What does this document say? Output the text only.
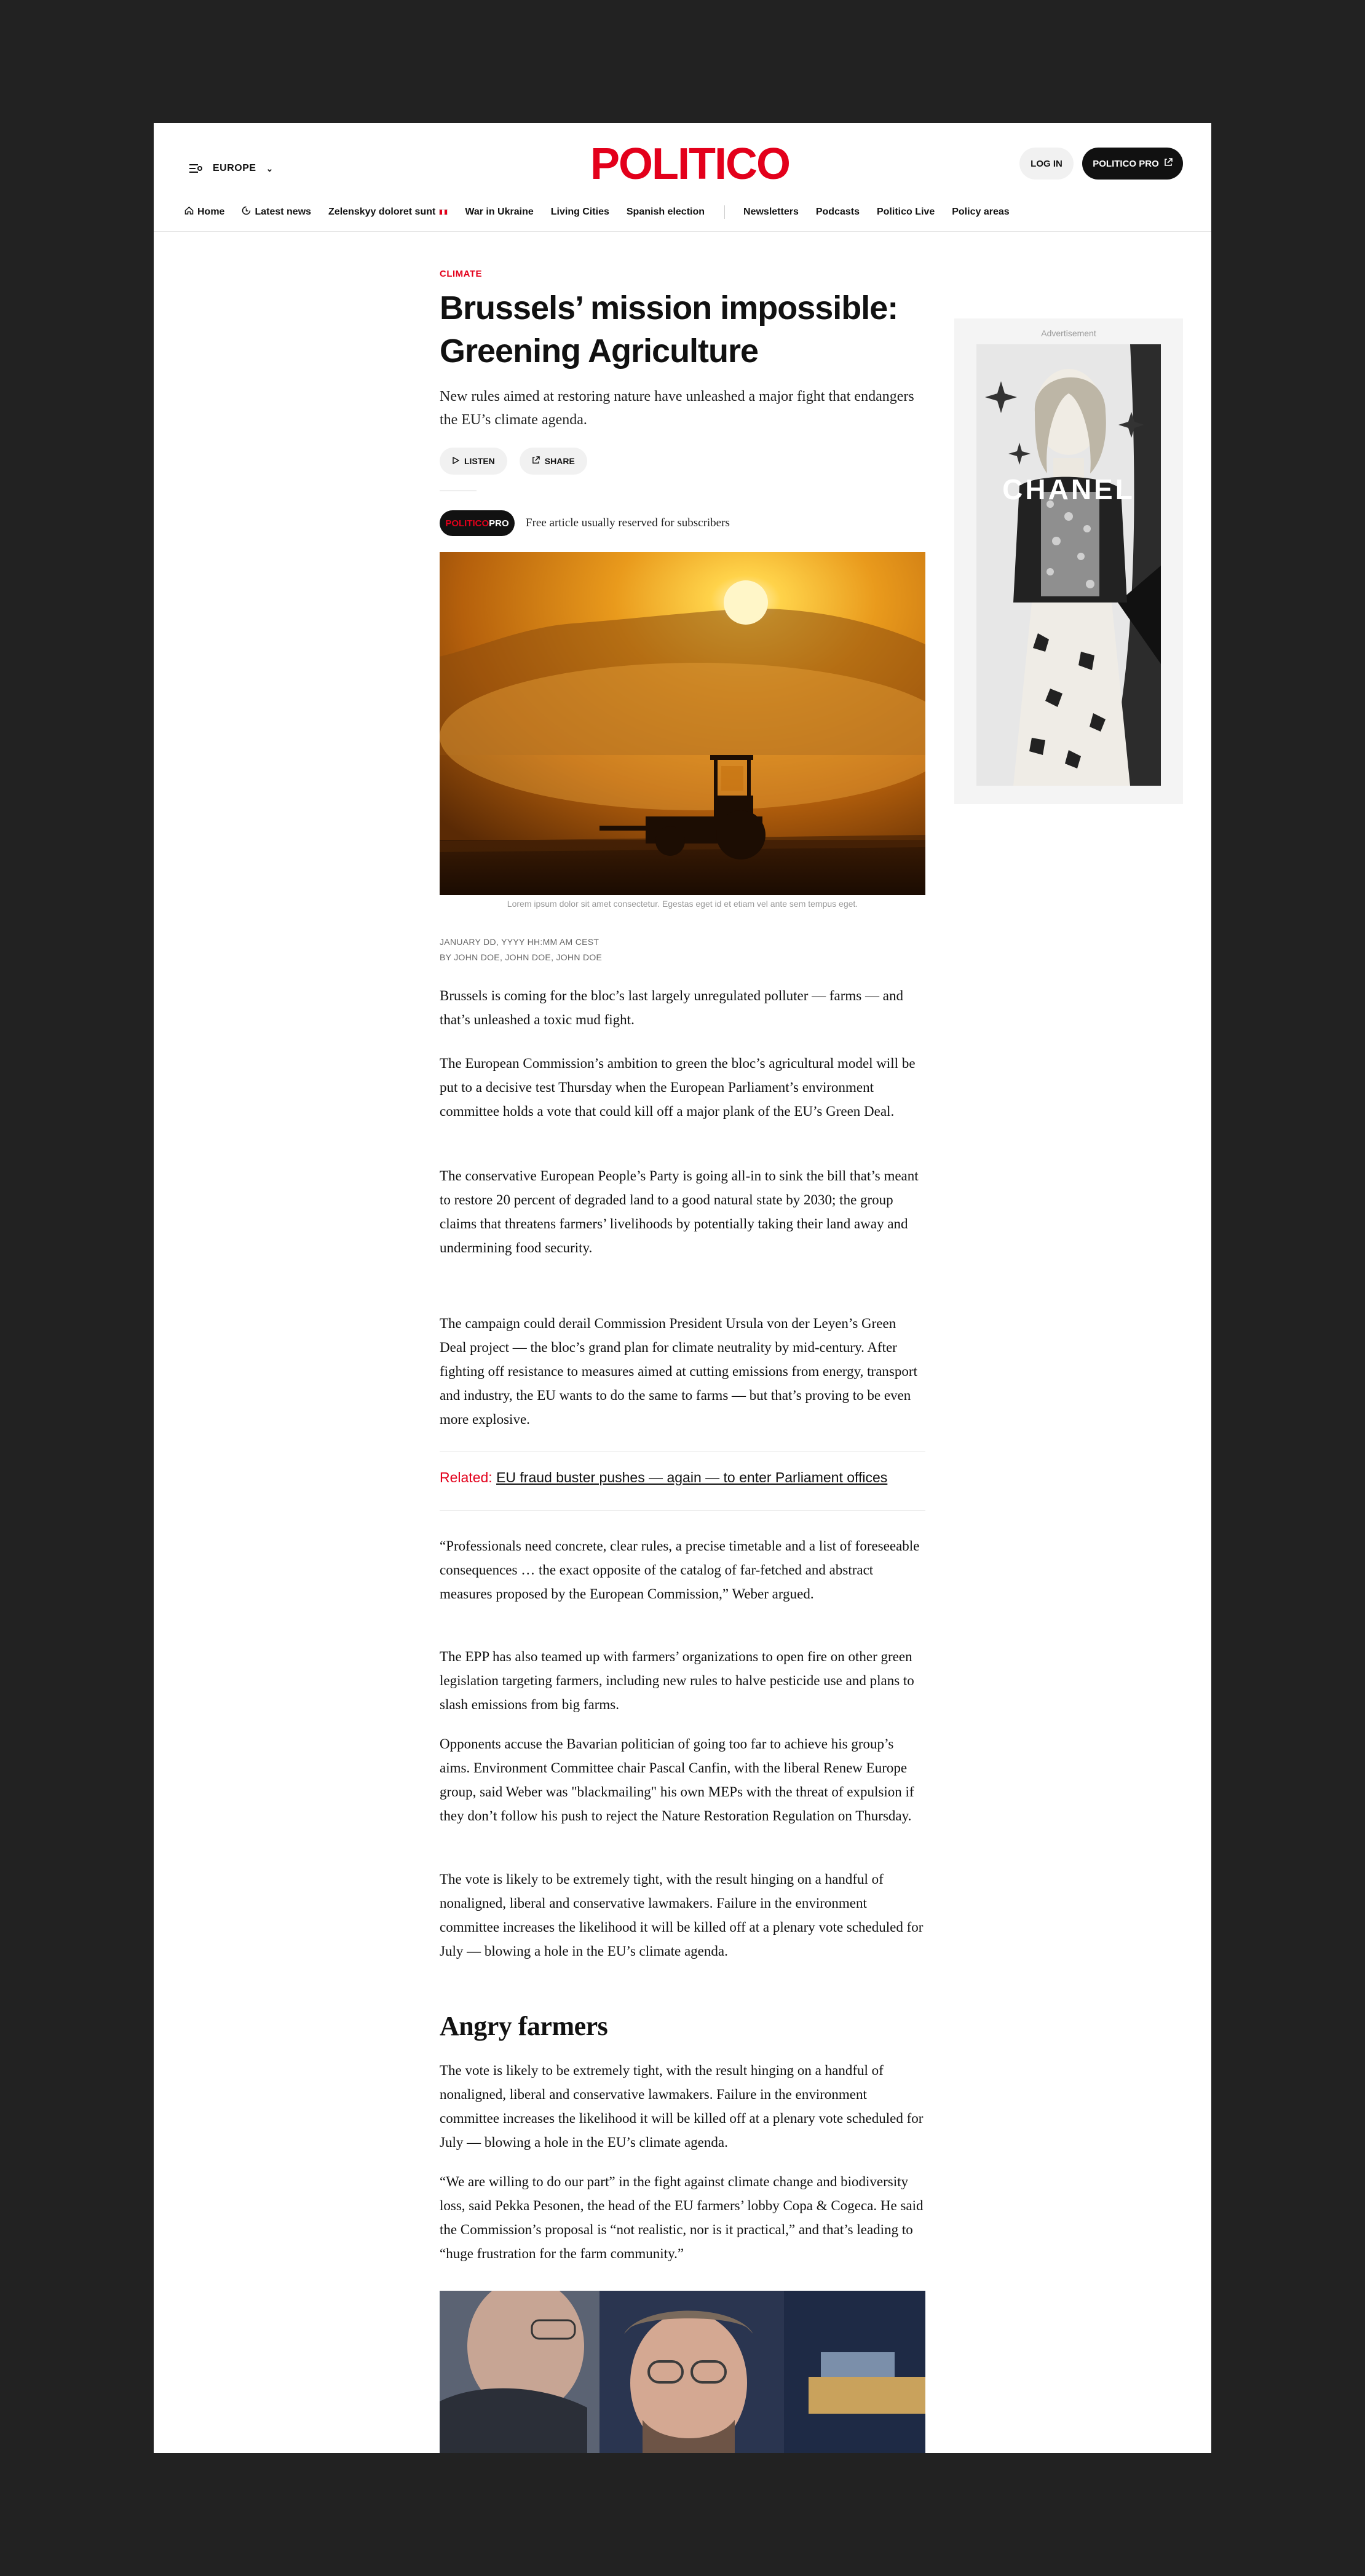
EUROPE ⌄	POLITICO	LOG IN	POLITICO PRO
Home	Latest news Zelenskyy doloret sunt	War in Ukraine Living Cities Spanish election	Newsletters Podcasts Politico Live Policy areas
CLIMATE
Brussels’ mission impossible:
Greening Agriculture
New rules aimed at restoring nature have unleashed a major fight that endangers the EU’s climate agenda.
LISTEN	SHARE
POLITICO PRO Free article usually reserved for subscribers
Lorem ipsum dolor sit amet consectetur. Egestas eget id et etiam vel ante sem tempus eget.
JANUARY DD, YYYY HH:MM AM CEST
BY JOHN DOE, JOHN DOE, JOHN DOE

Brussels is coming for the bloc’s last largely unregulated polluter — farms — and that’s unleashed a toxic mud fight.

The European Commission’s ambition to green the bloc’s agricultural model will be put to a decisive test Thursday when the European Parliament’s environment committee holds a vote that could kill off a major plank of the EU’s Green Deal.

The conservative European People’s Party is going all-in to sink the bill that’s meant to restore 20 percent of degraded land to a good natural state by 2030; the group claims that threatens farmers’ livelihoods by potentially taking their land away and undermining food security.

The campaign could derail Commission President Ursula von der Leyen’s Green Deal project — the bloc’s grand plan for climate neutrality by mid-century. After fighting off resistance to measures aimed at cutting emissions from energy, transport and industry, the EU wants to do the same to farms — but that’s proving to be even more explosive.

Related: EU fraud buster pushes — again — to enter Parliament offices

“Professionals need concrete, clear rules, a precise timetable and a list of foreseeable consequences … the exact opposite of the catalog of far-fetched and abstract measures proposed by the European Commission,” Weber argued.

The EPP has also teamed up with farmers’ organizations to open fire on other green legislation targeting farmers, including new rules to halve pesticide use and plans to slash emissions from big farms.

Opponents accuse the Bavarian politician of going too far to achieve his group’s aims. Environment Committee chair Pascal Canfin, with the liberal Renew Europe group, said Weber was "blackmailing" his own MEPs with the threat of expulsion if they don’t follow his push to reject the Nature Restoration Regulation on Thursday.

The vote is likely to be extremely tight, with the result hinging on a handful of nonaligned, liberal and conservative lawmakers. Failure in the environment committee increases the likelihood it will be killed off at a plenary vote scheduled for July — blowing a hole in the EU’s climate agenda.

Angry farmers

The vote is likely to be extremely tight, with the result hinging on a handful of nonaligned, liberal and conservative lawmakers. Failure in the environment committee increases the likelihood it will be killed off at a plenary vote scheduled for July — blowing a hole in the EU’s climate agenda.

“We are willing to do our part” in the fight against climate change and biodiversity loss, said Pekka Pesonen, the head of the EU farmers’ lobby Copa & Cogeca. He said the Commission’s proposal is “not realistic, nor is it practical,” and that’s leading to “huge frustration for the farm community.”

Advertisement
CHANEL
